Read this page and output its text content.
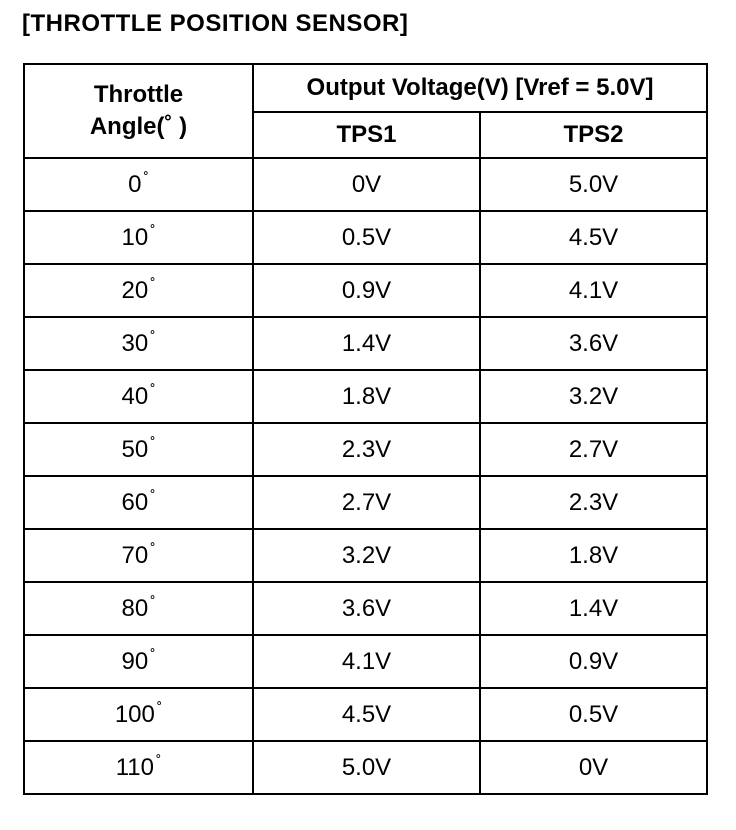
[THROTTLE POSITION SENSOR]
Throttle
Angle(˚ )	Output Voltage(V) [Vref = 5.0V]	
	TPS1	TPS2
0 ˚	0V	5.0V
10 ˚	0.5V	4.5V
20 ˚	0.9V	4.1V
30 ˚	1.4V	3.6V
40 ˚	1.8V	3.2V
50 ˚	2.3V	2.7V
60 ˚	2.7V	2.3V
70 ˚	3.2V	1.8V
80 ˚	3.6V	1.4V
90 ˚	4.1V	0.9V
100 ˚	4.5V	0.5V
110 ˚	5.0V	0V
